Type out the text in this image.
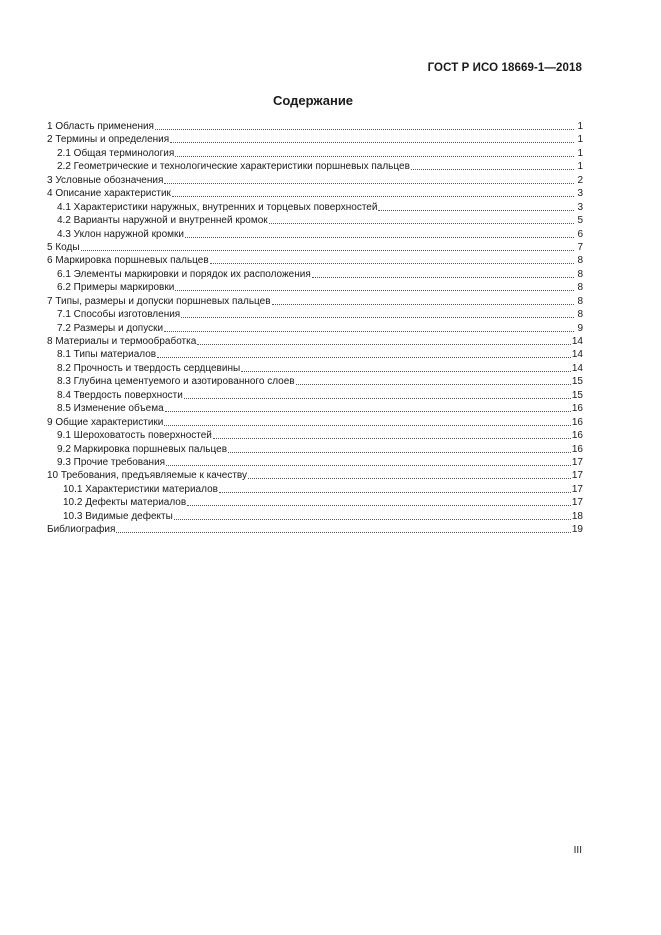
ГОСТ Р ИСО 18669-1—2018
Содержание
1 Область применения	1
2 Термины и определения	1
2.1 Общая терминология	1
2.2 Геометрические и технологические характеристики поршневых пальцев	1
3 Условные обозначения	2
4 Описание характеристик	3
4.1 Характеристики наружных, внутренних и торцевых поверхностей	3
4.2 Варианты наружной и внутренней кромок	5
4.3 Уклон наружной кромки	6
5 Коды	7
6 Маркировка поршневых пальцев	8
6.1 Элементы маркировки и порядок их расположения	8
6.2 Примеры маркировки	8
7 Типы, размеры и допуски поршневых пальцев	8
7.1 Способы изготовления	8
7.2 Размеры и допуски	9
8 Материалы и термообработка	14
8.1 Типы материалов	14
8.2 Прочность и твердость сердцевины	14
8.3 Глубина цементуемого и азотированного слоев	15
8.4 Твердость поверхности	15
8.5 Изменение объема	16
9 Общие характеристики	16
9.1 Шероховатость поверхностей	16
9.2 Маркировка поршневых пальцев	16
9.3 Прочие требования	17
10 Требования, предъявляемые к качеству	17
10.1 Характеристики материалов	17
10.2 Дефекты материалов	17
10.3 Видимые дефекты	18
Библиография	19
III
